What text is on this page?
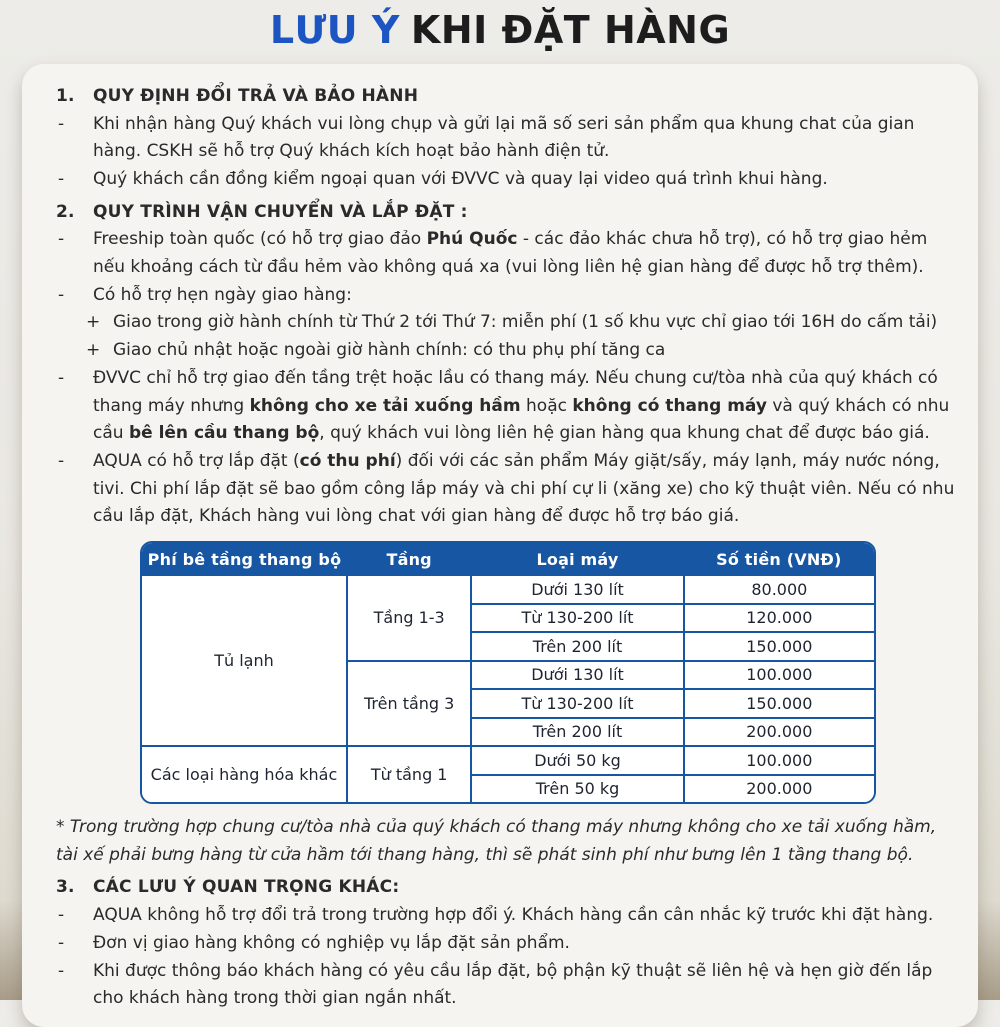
LƯU Ý KHI ĐẶT HÀNG
1.	QUY ĐỊNH ĐỔI TRẢ VÀ BẢO HÀNH
-	Khi nhận hàng Quý khách vui lòng chụp và gửi lại mã số seri sản phẩm qua khung chat của gian hàng. CSKH sẽ hỗ trợ Quý khách kích hoạt bảo hành điện tử.
-	Quý khách cần đồng kiểm ngoại quan với ĐVVC và quay lại video quá trình khui hàng.
2.	QUY TRÌNH VẬN CHUYỂN VÀ LẮP ĐẶT :
-	Freeship toàn quốc (có hỗ trợ giao đảo Phú Quốc - các đảo khác chưa hỗ trợ), có hỗ trợ giao hẻm nếu khoảng cách từ đầu hẻm vào không quá xa (vui lòng liên hệ gian hàng để được hỗ trợ thêm).
-	Có hỗ trợ hẹn ngày giao hàng:
+ Giao trong giờ hành chính từ Thứ 2 tới Thứ 7: miễn phí (1 số khu vực chỉ giao tới 16H do cấm tải)
+ Giao chủ nhật hoặc ngoài giờ hành chính: có thu phụ phí tăng ca
-	ĐVVC chỉ hỗ trợ giao đến tầng trệt hoặc lầu có thang máy. Nếu chung cư/tòa nhà của quý khách có thang máy nhưng không cho xe tải xuống hầm hoặc không có thang máy và quý khách có nhu cầu bê lên cầu thang bộ, quý khách vui lòng liên hệ gian hàng qua khung chat để được báo giá.
-	AQUA có hỗ trợ lắp đặt (có thu phí) đối với các sản phẩm Máy giặt/sấy, máy lạnh, máy nước nóng, tivi. Chi phí lắp đặt sẽ bao gồm công lắp máy và chi phí cự li (xăng xe) cho kỹ thuật viên. Nếu có nhu cầu lắp đặt, Khách hàng vui lòng chat với gian hàng để được hỗ trợ báo giá.
Phí bê tầng thang bộ	Tầng	Loại máy	Số tiền (VNĐ)
Tủ lạnh	Tầng 1-3	Dưới 130 lít	80.000
		Từ 130-200 lít	120.000
		Trên 200 lít	150.000
	Trên tầng 3	Dưới 130 lít	100.000
		Từ 130-200 lít	150.000
		Trên 200 lít	200.000
Các loại hàng hóa khác	Từ tầng 1	Dưới 50 kg	100.000
		Trên 50 kg	200.000
* Trong trường hợp chung cư/tòa nhà của quý khách có thang máy nhưng không cho xe tải xuống hầm, tài xế phải bưng hàng từ cửa hầm tới thang hàng, thì sẽ phát sinh phí như bưng lên 1 tầng thang bộ.
3.	CÁC LƯU Ý QUAN TRỌNG KHÁC:
-	AQUA không hỗ trợ đổi trả trong trường hợp đổi ý. Khách hàng cần cân nhắc kỹ trước khi đặt hàng.
-	Đơn vị giao hàng không có nghiệp vụ lắp đặt sản phẩm.
-	Khi được thông báo khách hàng có yêu cầu lắp đặt, bộ phận kỹ thuật sẽ liên hệ và hẹn giờ đến lắp cho khách hàng trong thời gian ngắn nhất.
